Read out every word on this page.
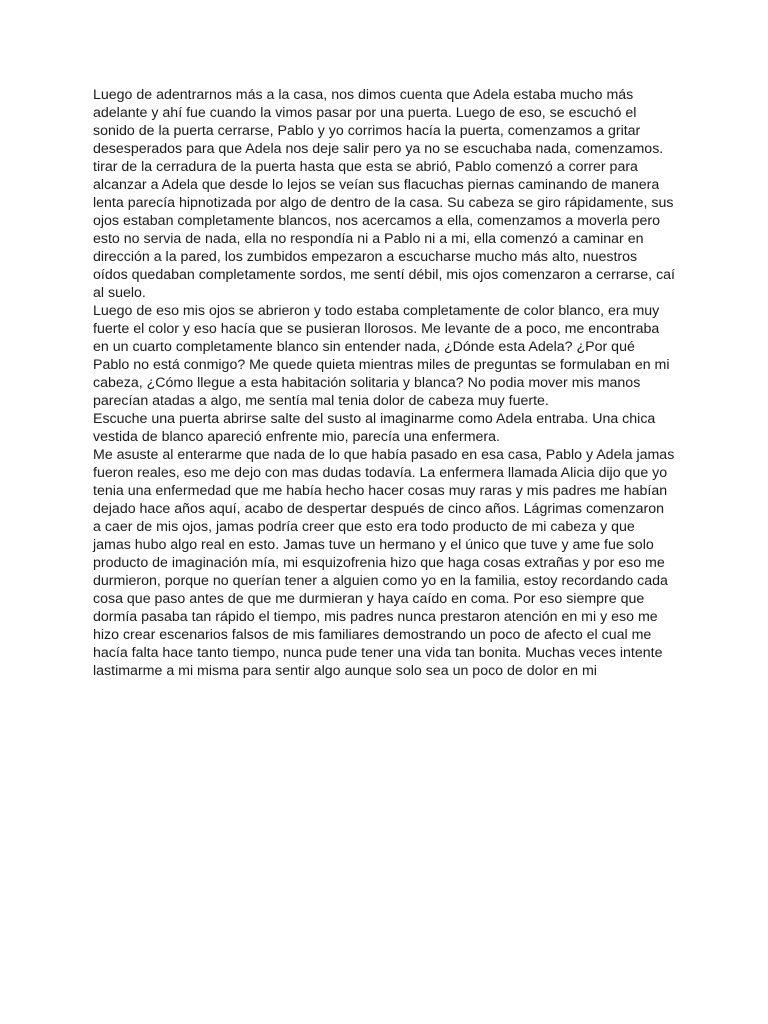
Luego de adentrarnos más a la casa, nos dimos cuenta que Adela estaba mucho más
adelante y ahí fue cuando la vimos pasar por una puerta. Luego de eso, se escuchó el
sonido de la puerta cerrarse, Pablo y yo corrimos hacía la puerta, comenzamos a gritar
desesperados para que Adela nos deje salir pero ya no se escuchaba nada, comenzamos.
tirar de la cerradura de la puerta hasta que esta se abrió, Pablo comenzó a correr para
alcanzar a Adela que desde lo lejos se veían sus flacuchas piernas caminando de manera
lenta parecía hipnotizada por algo de dentro de la casa. Su cabeza se giro rápidamente, sus
ojos estaban completamente blancos, nos acercamos a ella, comenzamos a moverla pero
esto no servia de nada, ella no respondía ni a Pablo ni a mi, ella comenzó a caminar en
dirección a la pared, los zumbidos empezaron a escucharse mucho más alto, nuestros
oídos quedaban completamente sordos, me sentí débil, mis ojos comenzaron a cerrarse, caí
al suelo.
Luego de eso mis ojos se abrieron y todo estaba completamente de color blanco, era muy
fuerte el color y eso hacía que se pusieran llorosos. Me levante de a poco, me encontraba
en un cuarto completamente blanco sin entender nada, ¿Dónde esta Adela? ¿Por qué
Pablo no está conmigo? Me quede quieta mientras miles de preguntas se formulaban en mi
cabeza, ¿Cómo llegue a esta habitación solitaria y blanca? No podia mover mis manos
parecían atadas a algo, me sentía mal tenia dolor de cabeza muy fuerte.
Escuche una puerta abrirse salte del susto al imaginarme como Adela entraba. Una chica
vestida de blanco apareció enfrente mio, parecía una enfermera.
Me asuste al enterarme que nada de lo que había pasado en esa casa, Pablo y Adela jamas
fueron reales, eso me dejo con mas dudas todavía. La enfermera llamada Alicia dijo que yo
tenia una enfermedad que me había hecho hacer cosas muy raras y mis padres me habían
dejado hace años aquí, acabo de despertar después de cinco años. Lágrimas comenzaron
a caer de mis ojos, jamas podría creer que esto era todo producto de mi cabeza y que
jamas hubo algo real en esto. Jamas tuve un hermano y el único que tuve y ame fue solo
producto de imaginación mía, mi esquizofrenia hizo que haga cosas extrañas y por eso me
durmieron, porque no querían tener a alguien como yo en la familia, estoy recordando cada
cosa que paso antes de que me durmieran y haya caído en coma. Por eso siempre que
dormía pasaba tan rápido el tiempo, mis padres nunca prestaron atención en mi y eso me
hizo crear escenarios falsos de mis familiares demostrando un poco de afecto el cual me
hacía falta hace tanto tiempo, nunca pude tener una vida tan bonita. Muchas veces intente
lastimarme a mi misma para sentir algo aunque solo sea un poco de dolor en mi
